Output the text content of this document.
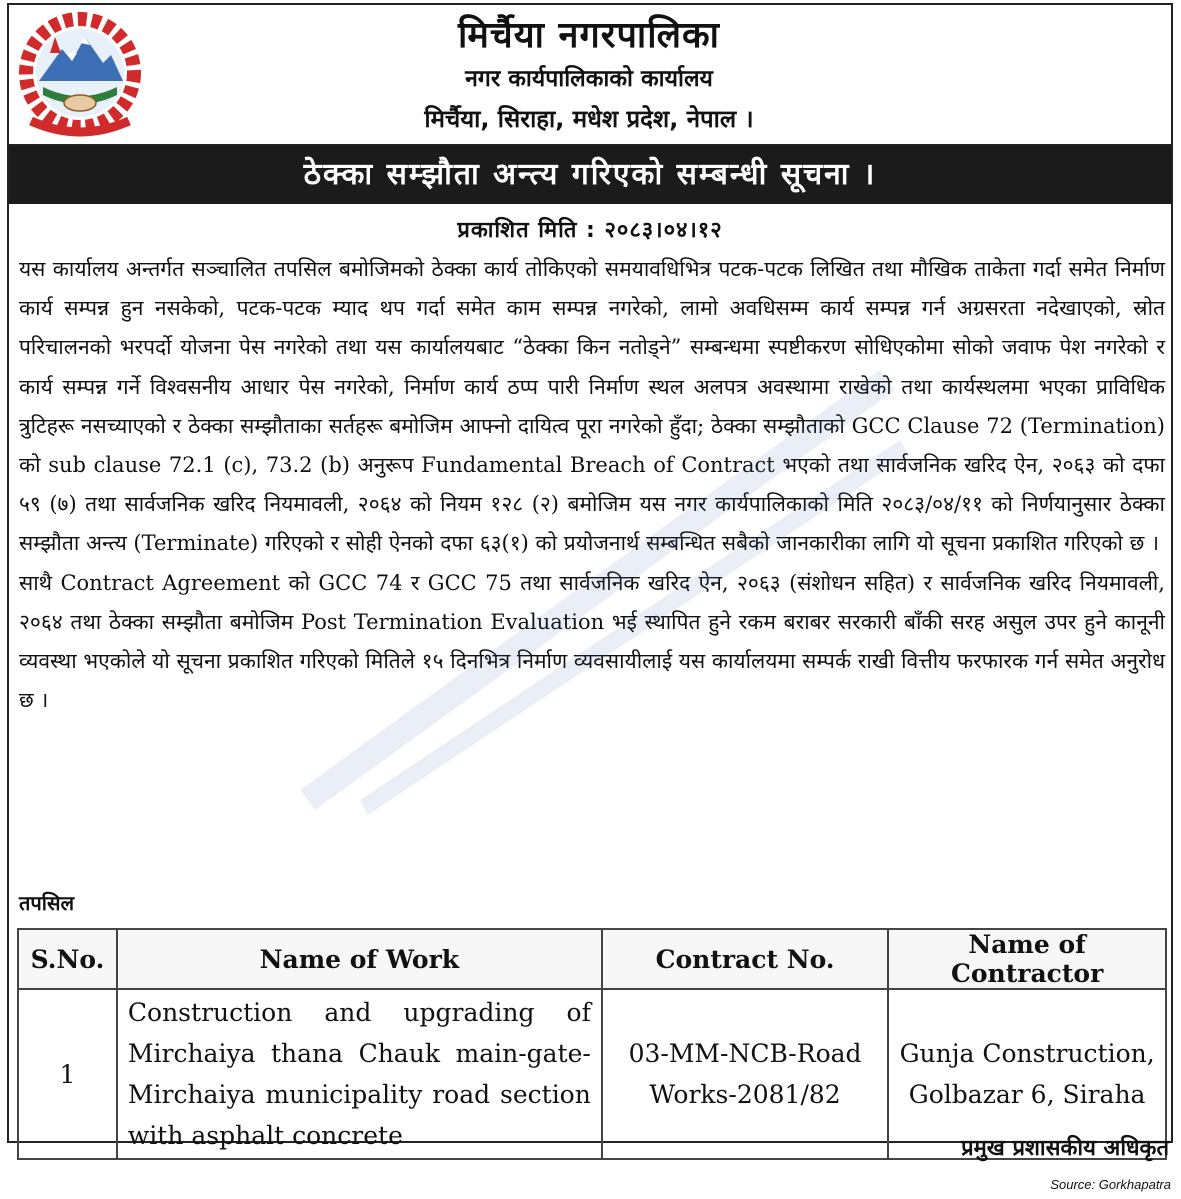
मिर्चैया नगरपालिका
नगर कार्यपालिकाको कार्यालय
मिर्चैया, सिराहा, मधेश प्रदेश, नेपाल ।
ठेक्का सम्झौता अन्त्य गरिएको सम्बन्धी सूचना ।
प्रकाशित मिति : २०८३।०४।१२

यस कार्यालय अन्तर्गत सञ्चालित तपसिल बमोजिमको ठेक्का कार्य तोकिएको समयावधिभित्र पटक-पटक लिखित तथा मौखिक ताकेता गर्दा समेत निर्माण कार्य सम्पन्न हुन नसकेको, पटक-पटक म्याद थप गर्दा समेत काम सम्पन्न नगरेको, लामो अवधिसम्म कार्य सम्पन्न गर्न अग्रसरता नदेखाएको, स्रोत परिचालनको भरपर्दो योजना पेस नगरेको तथा यस कार्यालयबाट “ठेक्का किन नतोड्ने” सम्बन्धमा स्पष्टीकरण सोधिएकोमा सोको जवाफ पेश नगरेको र कार्य सम्पन्न गर्ने विश्वसनीय आधार पेस नगरेको, निर्माण कार्य ठप्प पारी निर्माण स्थल अलपत्र अवस्थामा राखेको तथा कार्यस्थलमा भएका प्राविधिक त्रुटिहरू नसच्याएको र ठेक्का सम्झौताका सर्तहरू बमोजिम आफ्नो दायित्व पूरा नगरेको हुँदा; ठेक्का सम्झौताको GCC Clause 72 (Termination) को sub clause 72.1 (c), 73.2 (b) अनुरूप Fundamental Breach of Contract भएको तथा सार्वजनिक खरिद ऐन, २०६३ को दफा ५९ (७) तथा सार्वजनिक खरिद नियमावली, २०६४ को नियम १२८ (२) बमोजिम यस नगर कार्यपालिकाको मिति २०८३/०४/११ को निर्णयानुसार ठेक्का सम्झौता अन्त्य (Terminate) गरिएको र सोही ऐनको दफा ६३(१) को प्रयोजनार्थ सम्बन्धित सबैको जानकारीका लागि यो सूचना प्रकाशित गरिएको छ ।

साथै Contract Agreement को GCC 74 र GCC 75 तथा सार्वजनिक खरिद ऐन, २०६३ (संशोधन सहित) र सार्वजनिक खरिद नियमावली, २०६४ तथा ठेक्का सम्झौता बमोजिम Post Termination Evaluation भई स्थापित हुने रकम बराबर सरकारी बाँकी सरह असुल उपर हुने कानूनी व्यवस्था भएकोले यो सूचना प्रकाशित गरिएको मितिले १५ दिनभित्र निर्माण व्यवसायीलाई यस कार्यालयमा सम्पर्क राखी वित्तीय फरफारक गर्न समेत अनुरोध छ ।

तपसिल
S.No.	Name of Work	Contract No.	Name of Contractor
1	Construction and upgrading of Mirchaiya thana Chauk main-gate-Mirchaiya municipality road section with asphalt concrete	03-MM-NCB-Road Works-2081/82	Gunja Construction, Golbazar 6, Siraha
प्रमुख प्रशासकीय अधिकृत
Source: Gorkhapatra
